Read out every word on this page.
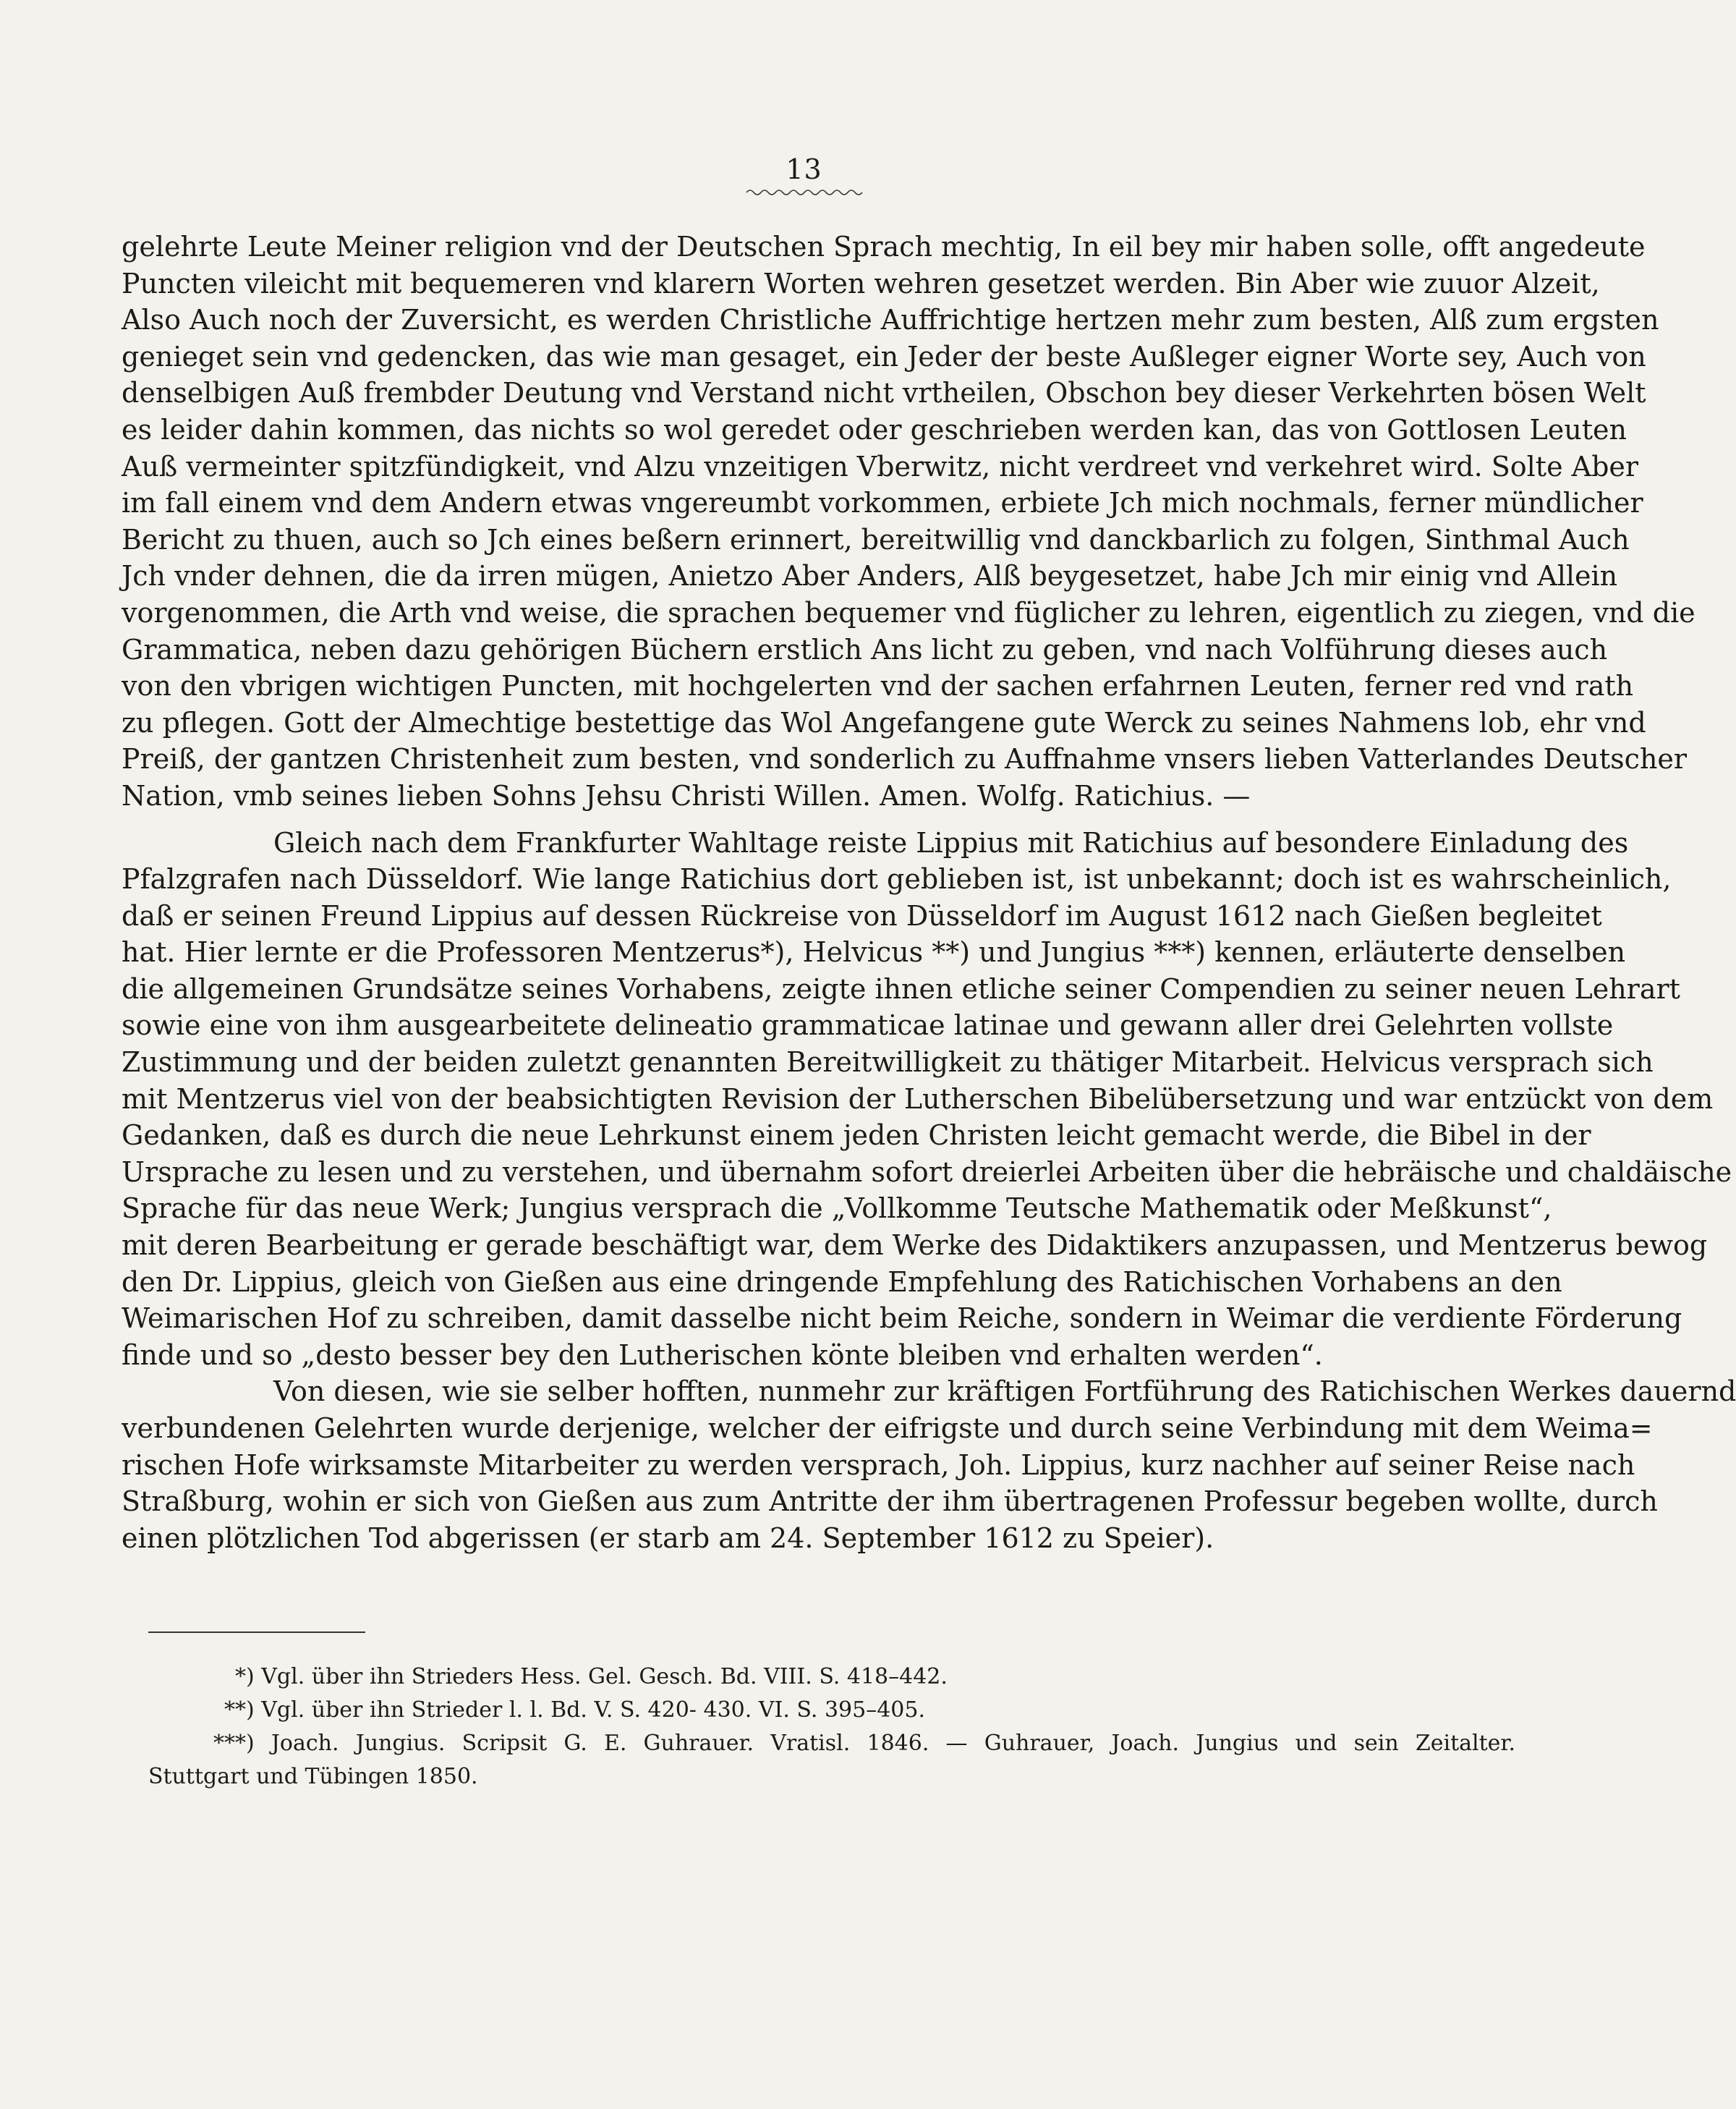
13
gelehrte Leute Meiner religion vnd der Deutschen Sprach mechtig, In eil bey mir haben solle, offt angedeute
Puncten vileicht mit bequemeren vnd klarern Worten wehren gesetzet werden. Bin Aber wie zuuor Alzeit,
Also Auch noch der Zuversicht, es werden Christliche Auffrichtige hertzen mehr zum besten, Alß zum ergsten
genieget sein vnd gedencken, das wie man gesaget, ein Jeder der beste Außleger eigner Worte sey, Auch von
denselbigen Auß frembder Deutung vnd Verstand nicht vrtheilen, Obschon bey dieser Verkehrten bösen Welt
es leider dahin kommen, das nichts so wol geredet oder geschrieben werden kan, das von Gottlosen Leuten
Auß vermeinter spitzfündigkeit, vnd Alzu vnzeitigen Vberwitz, nicht verdreet vnd verkehret wird. Solte Aber
im fall einem vnd dem Andern etwas vngereumbt vorkommen, erbiete Jch mich nochmals, ferner mündlicher
Bericht zu thuen, auch so Jch eines beßern erinnert, bereitwillig vnd danckbarlich zu folgen, Sinthmal Auch
Jch vnder dehnen, die da irren mügen, Anietzo Aber Anders, Alß beygesetzet, habe Jch mir einig vnd Allein
vorgenommen, die Arth vnd weise, die sprachen bequemer vnd füglicher zu lehren, eigentlich zu ziegen, vnd die
Grammatica, neben dazu gehörigen Büchern erstlich Ans licht zu geben, vnd nach Volführung dieses auch
von den vbrigen wichtigen Puncten, mit hochgelerten vnd der sachen erfahrnen Leuten, ferner red vnd rath
zu pflegen. Gott der Almechtige bestettige das Wol Angefangene gute Werck zu seines Nahmens lob, ehr vnd
Preiß, der gantzen Christenheit zum besten, vnd sonderlich zu Auffnahme vnsers lieben Vatterlandes Deutscher
Nation, vmb seines lieben Sohns Jehsu Christi Willen. Amen. Wolfg. Ratichius. —
Gleich nach dem Frankfurter Wahltage reiste Lippius mit Ratichius auf besondere Einladung des
Pfalzgrafen nach Düsseldorf. Wie lange Ratichius dort geblieben ist, ist unbekannt; doch ist es wahrscheinlich,
daß er seinen Freund Lippius auf dessen Rückreise von Düsseldorf im August 1612 nach Gießen begleitet
hat. Hier lernte er die Professoren Mentzerus*), Helvicus **) und Jungius ***) kennen, erläuterte denselben
die allgemeinen Grundsätze seines Vorhabens, zeigte ihnen etliche seiner Compendien zu seiner neuen Lehrart
sowie eine von ihm ausgearbeitete delineatio grammaticae latinae und gewann aller drei Gelehrten vollste
Zustimmung und der beiden zuletzt genannten Bereitwilligkeit zu thätiger Mitarbeit. Helvicus versprach sich
mit Mentzerus viel von der beabsichtigten Revision der Lutherschen Bibelübersetzung und war entzückt von dem
Gedanken, daß es durch die neue Lehrkunst einem jeden Christen leicht gemacht werde, die Bibel in der
Ursprache zu lesen und zu verstehen, und übernahm sofort dreierlei Arbeiten über die hebräische und chaldäische
Sprache für das neue Werk; Jungius versprach die „Vollkomme Teutsche Mathematik oder Meßkunst“,
mit deren Bearbeitung er gerade beschäftigt war, dem Werke des Didaktikers anzupassen, und Mentzerus bewog
den Dr. Lippius, gleich von Gießen aus eine dringende Empfehlung des Ratichischen Vorhabens an den
Weimarischen Hof zu schreiben, damit dasselbe nicht beim Reiche, sondern in Weimar die verdiente Förderung
finde und so „desto besser bey den Lutherischen könte bleiben vnd erhalten werden“.
Von diesen, wie sie selber hofften, nunmehr zur kräftigen Fortführung des Ratichischen Werkes dauernd
verbundenen Gelehrten wurde derjenige, welcher der eifrigste und durch seine Verbindung mit dem Weima=
rischen Hofe wirksamste Mitarbeiter zu werden versprach, Joh. Lippius, kurz nachher auf seiner Reise nach
Straßburg, wohin er sich von Gießen aus zum Antritte der ihm übertragenen Professur begeben wollte, durch
einen plötzlichen Tod abgerissen (er starb am 24. September 1612 zu Speier).
*) Vgl. über ihn Strieders Hess. Gel. Gesch. Bd. VIII. S. 418–442.
**) Vgl. über ihn Strieder l. l. Bd. V. S. 420- 430. VI. S. 395–405.
***) Joach. Jungius. Scripsit G. E. Guhrauer. Vratisl. 1846. — Guhrauer, Joach. Jungius und sein Zeitalter.
Stuttgart und Tübingen 1850.
